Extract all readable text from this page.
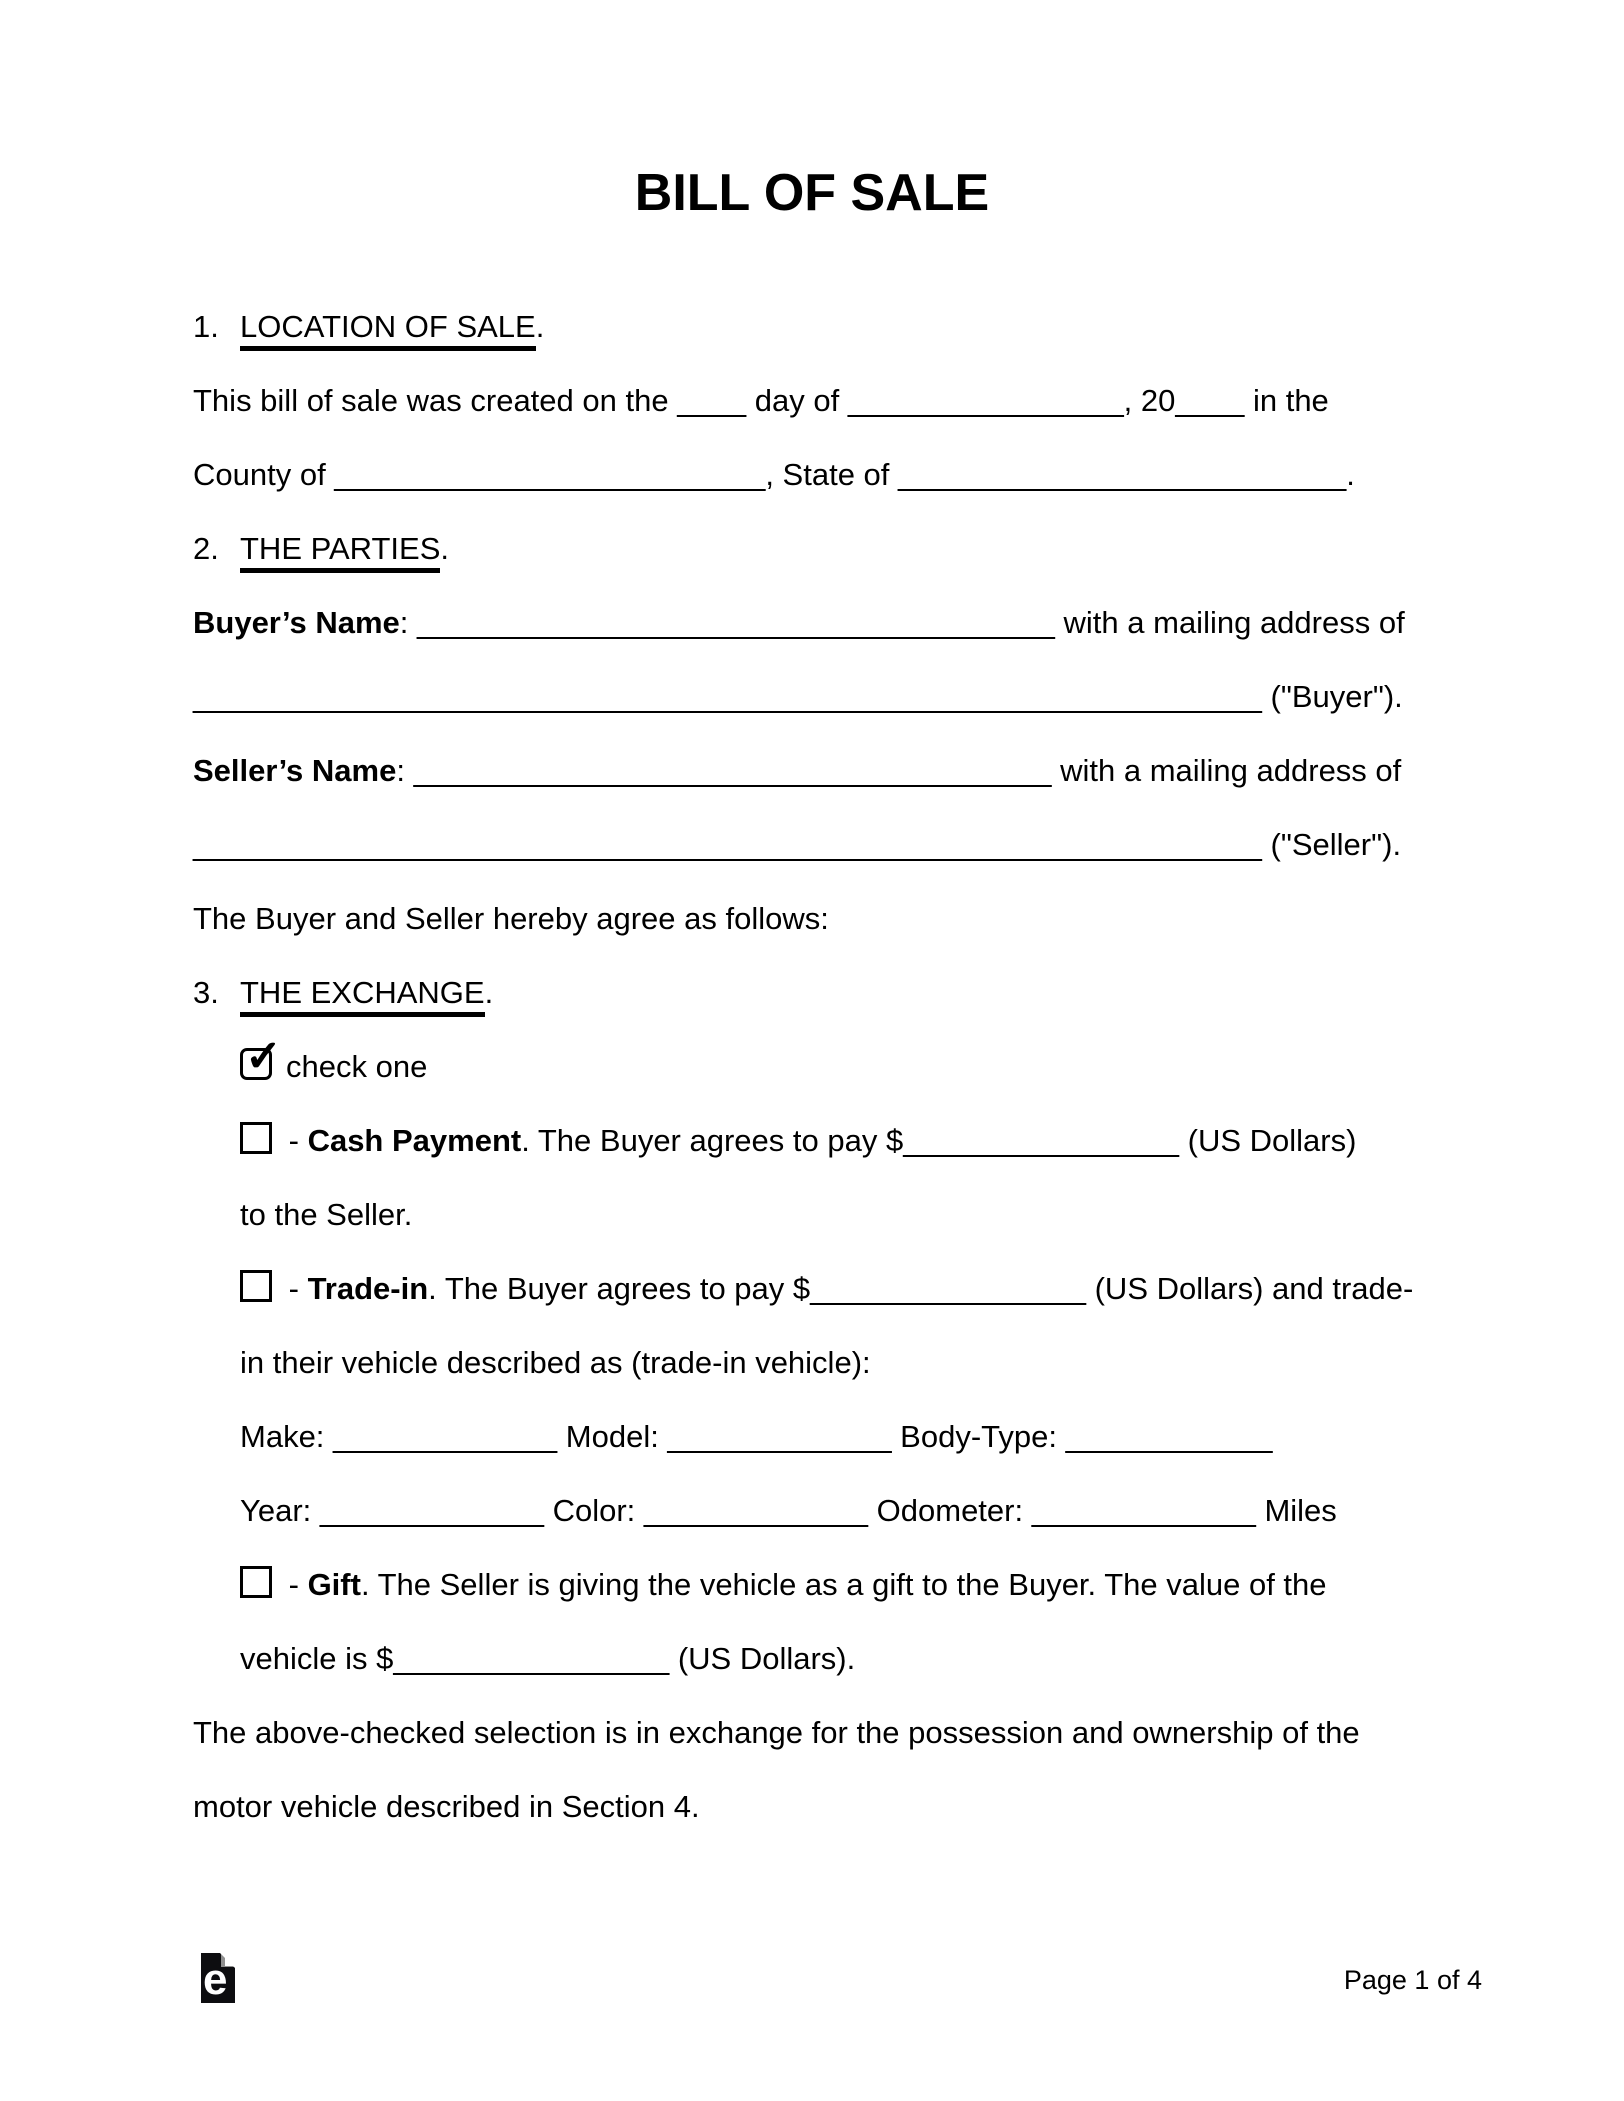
BILL OF SALE
1. LOCATION OF SALE.
This bill of sale was created on the ____ day of ________________, 20____ in the
County of _________________________, State of __________________________.
2. THE PARTIES.
Buyer’s Name: _____________________________________ with a mailing address of
______________________________________________________________ ("Buyer").
Seller’s Name: _____________________________________ with a mailing address of
______________________________________________________________ ("Seller").
The Buyer and Seller hereby agree as follows:
3. THE EXCHANGE.
✓ check one
- Cash Payment. The Buyer agrees to pay $________________ (US Dollars)
to the Seller.
- Trade-in. The Buyer agrees to pay $________________ (US Dollars) and trade-
in their vehicle described as (trade-in vehicle):
Make: _____________ Model: _____________ Body-Type: ____________
Year: _____________ Color: _____________ Odometer: _____________ Miles
- Gift. The Seller is giving the vehicle as a gift to the Buyer. The value of the
vehicle is $________________ (US Dollars).
The above-checked selection is in exchange for the possession and ownership of the
motor vehicle described in Section 4.
e	Page 1 of 4
